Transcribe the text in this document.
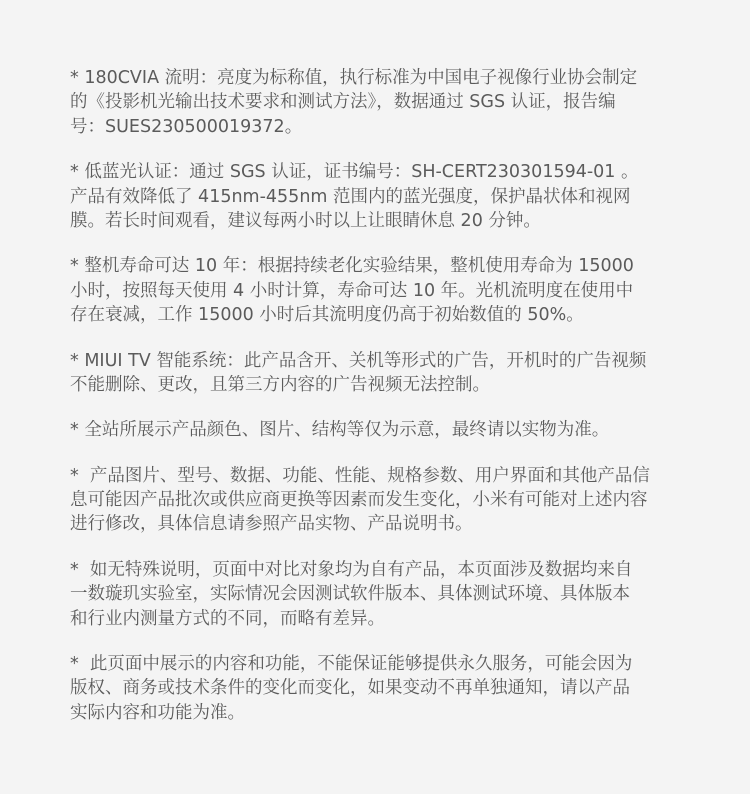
* 180CVIA 流明：亮度为标称值，执行标准为中国电子视像行业协会制定
的《投影机光输出技术要求和测试方法》，数据通过 SGS 认证，报告编
号：SUES230500019372。

* 低蓝光认证：通过 SGS 认证，证书编号：SH-CERT230301594-01 。
产品有效降低了 415nm-455nm 范围内的蓝光强度，保护晶状体和视网
膜。若长时间观看，建议每两小时以上让眼睛休息 20 分钟。

* 整机寿命可达 10 年：根据持续老化实验结果，整机使用寿命为 15000
小时，按照每天使用 4 小时计算，寿命可达 10 年。光机流明度在使用中
存在衰减，工作 15000 小时后其流明度仍高于初始数值的 50%。

* MIUI TV 智能系统：此产品含开、关机等形式的广告，开机时的广告视频
不能删除、更改，且第三方内容的广告视频无法控制。

* 全站所展示产品颜色、图片、结构等仅为示意，最终请以实物为准。

*  产品图片、型号、数据、功能、性能、规格参数、用户界面和其他产品信
息可能因产品批次或供应商更换等因素而发生变化，小米有可能对上述内容
进行修改，具体信息请参照产品实物、产品说明书。

*  如无特殊说明，页面中对比对象均为自有产品，本页面涉及数据均来自
一数璇玑实验室，实际情况会因测试软件版本、具体测试环境、具体版本
和行业内测量方式的不同，而略有差异。

*  此页面中展示的内容和功能，不能保证能够提供永久服务，可能会因为
版权、商务或技术条件的变化而变化，如果变动不再单独通知，请以产品
实际内容和功能为准。
